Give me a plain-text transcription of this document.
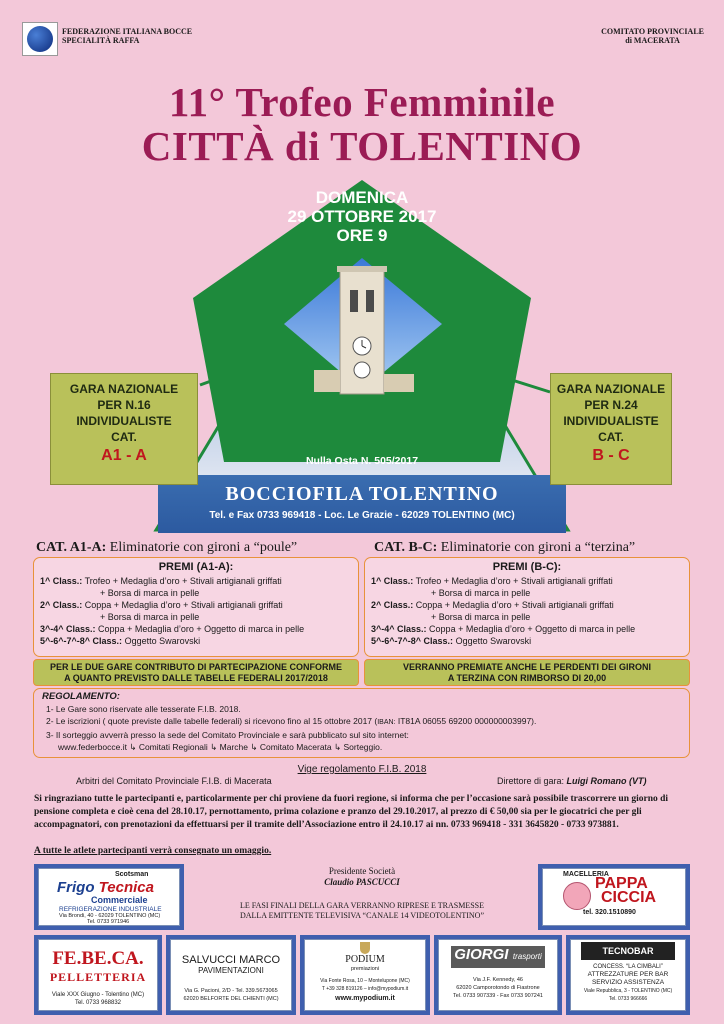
FEDERAZIONE ITALIANA BOCCE
SPECIALITÀ RAFFA
COMITATO PROVINCIALE
di MACERATA
11° Trofeo Femminile
CITTÀ di TOLENTINO
DOMENICA
29 OTTOBRE 2017
ORE 9
Nulla Osta N. 505/2017
BOCCIOFILA TOLENTINO
Tel. e Fax 0733 969418 - Loc. Le Grazie - 62029 TOLENTINO (MC)
GARA NAZIONALE
PER N.16
INDIVIDUALISTE
CAT.
A1 - A
GARA NAZIONALE
PER N.24
INDIVIDUALISTE
CAT.
B - C
CAT. A1-A: Eliminatorie con gironi a “poule”	CAT. B-C: Eliminatorie con gironi a “terzina”
PREMI (A1-A):
1^ Class.: Trofeo + Medaglia d’oro + Stivali artigianali griffati
+ Borsa di marca in pelle
2^ Class.: Coppa + Medaglia d’oro + Stivali artigianali griffati
+ Borsa di marca in pelle
3^-4^ Class.: Coppa + Medaglia d’oro + Oggetto di marca in pelle
5^-6^-7^-8^ Class.: Oggetto Swarovski
PREMI (B-C):
1^ Class.: Trofeo + Medaglia d’oro + Stivali artigianali griffati
+ Borsa di marca in pelle
2^ Class.: Coppa + Medaglia d’oro + Stivali artigianali griffati
+ Borsa di marca in pelle
3^-4^ Class.: Coppa + Medaglia d’oro + Oggetto di marca in pelle
5^-6^-7^-8^ Class.: Oggetto Swarovski
PER LE DUE GARE CONTRIBUTO DI PARTECIPAZIONE CONFORME
A QUANTO PREVISTO DALLE TABELLE FEDERALI 2017/2018
VERRANNO PREMIATE ANCHE LE PERDENTI DEI GIRONI
A TERZINA CON RIMBORSO DI 20,00
REGOLAMENTO:
1- Le Gare sono riservate alle tesserate F.I.B. 2018.
2- Le iscrizioni ( quote previste dalle tabelle federali) si ricevono fino al 15 ottobre 2017 (IBAN: IT81A 06055 69200 000000003997).
3- Il sorteggio avverrà presso la sede del Comitato Provinciale e sarà pubblicato sul sito internet:
www.federbocce.it ↳ Comitati Regionali ↳ Marche ↳ Comitato Macerata ↳ Sorteggio.
Vige regolamento F.I.B. 2018
Arbitri del Comitato Provinciale F.I.B. di Macerata	Direttore di gara: Luigi Romano (VT)
Si ringraziano tutte le partecipanti e, particolarmente per chi proviene da fuori regione, si informa che per l’occasione sarà possibile trascorrere un giorno di pensione completa e cioè cena del 28.10.17, pernottamento, prima colazione e pranzo del 29.10.2017, al prezzo di € 50,00 sia per le giocatrici che per gli accompagnatori, con prenotazioni da effettuarsi per il tramite dell’Associazione entro il 24.10.17 ai nn. 0733 969418 - 331 3645820 - 0733 973881.
A tutte le atlete partecipanti verrà consegnato un omaggio.
Presidente Società
Claudio PASCUCCI
LE FASI FINALI DELLA GARA VERRANNO RIPRESE E TRASMESSE
DALLA EMITTENTE TELEVISIVA “CANALE 14 VIDEOTOLENTINO”
Scotsman
Frigo Tecnica
Commerciale
REFRIGERAZIONE INDUSTRIALE
Via Brondi, 40 - 62029 TOLENTINO (MC)
Tel. 0733 971946
MACELLERIA
PAPPA
CICCIA
tel. 320.1510890
FE.BE.CA.
PELLETTERIA
Viale XXX Giugno - Tolentino (MC)
Tel. 0733 968832
SALVUCCI MARCO
PAVIMENTAZIONI
Via G. Pacioni, 2/D - Tel. 339.5673065
62020 BELFORTE DEL CHIENTI (MC)
PODIUM
premiazioni
Via Fonte Rosa, 10 – Montelupone (MC)
T +39 328 819126 – info@mypodium.it
www.mypodium.it
GIORGI trasporti
Via J.F. Kennedy, 46
62020 Camporotondo di Fiastrone
Tel. 0733 907339 - Fax 0733 907241
TECNOBAR
CONCESS. “LA CIMBALI”
ATTREZZATURE PER BAR
SERVIZIO ASSISTENZA
Viale Repubblica, 3 - TOLENTINO (MC)
Tel. 0733 966666
